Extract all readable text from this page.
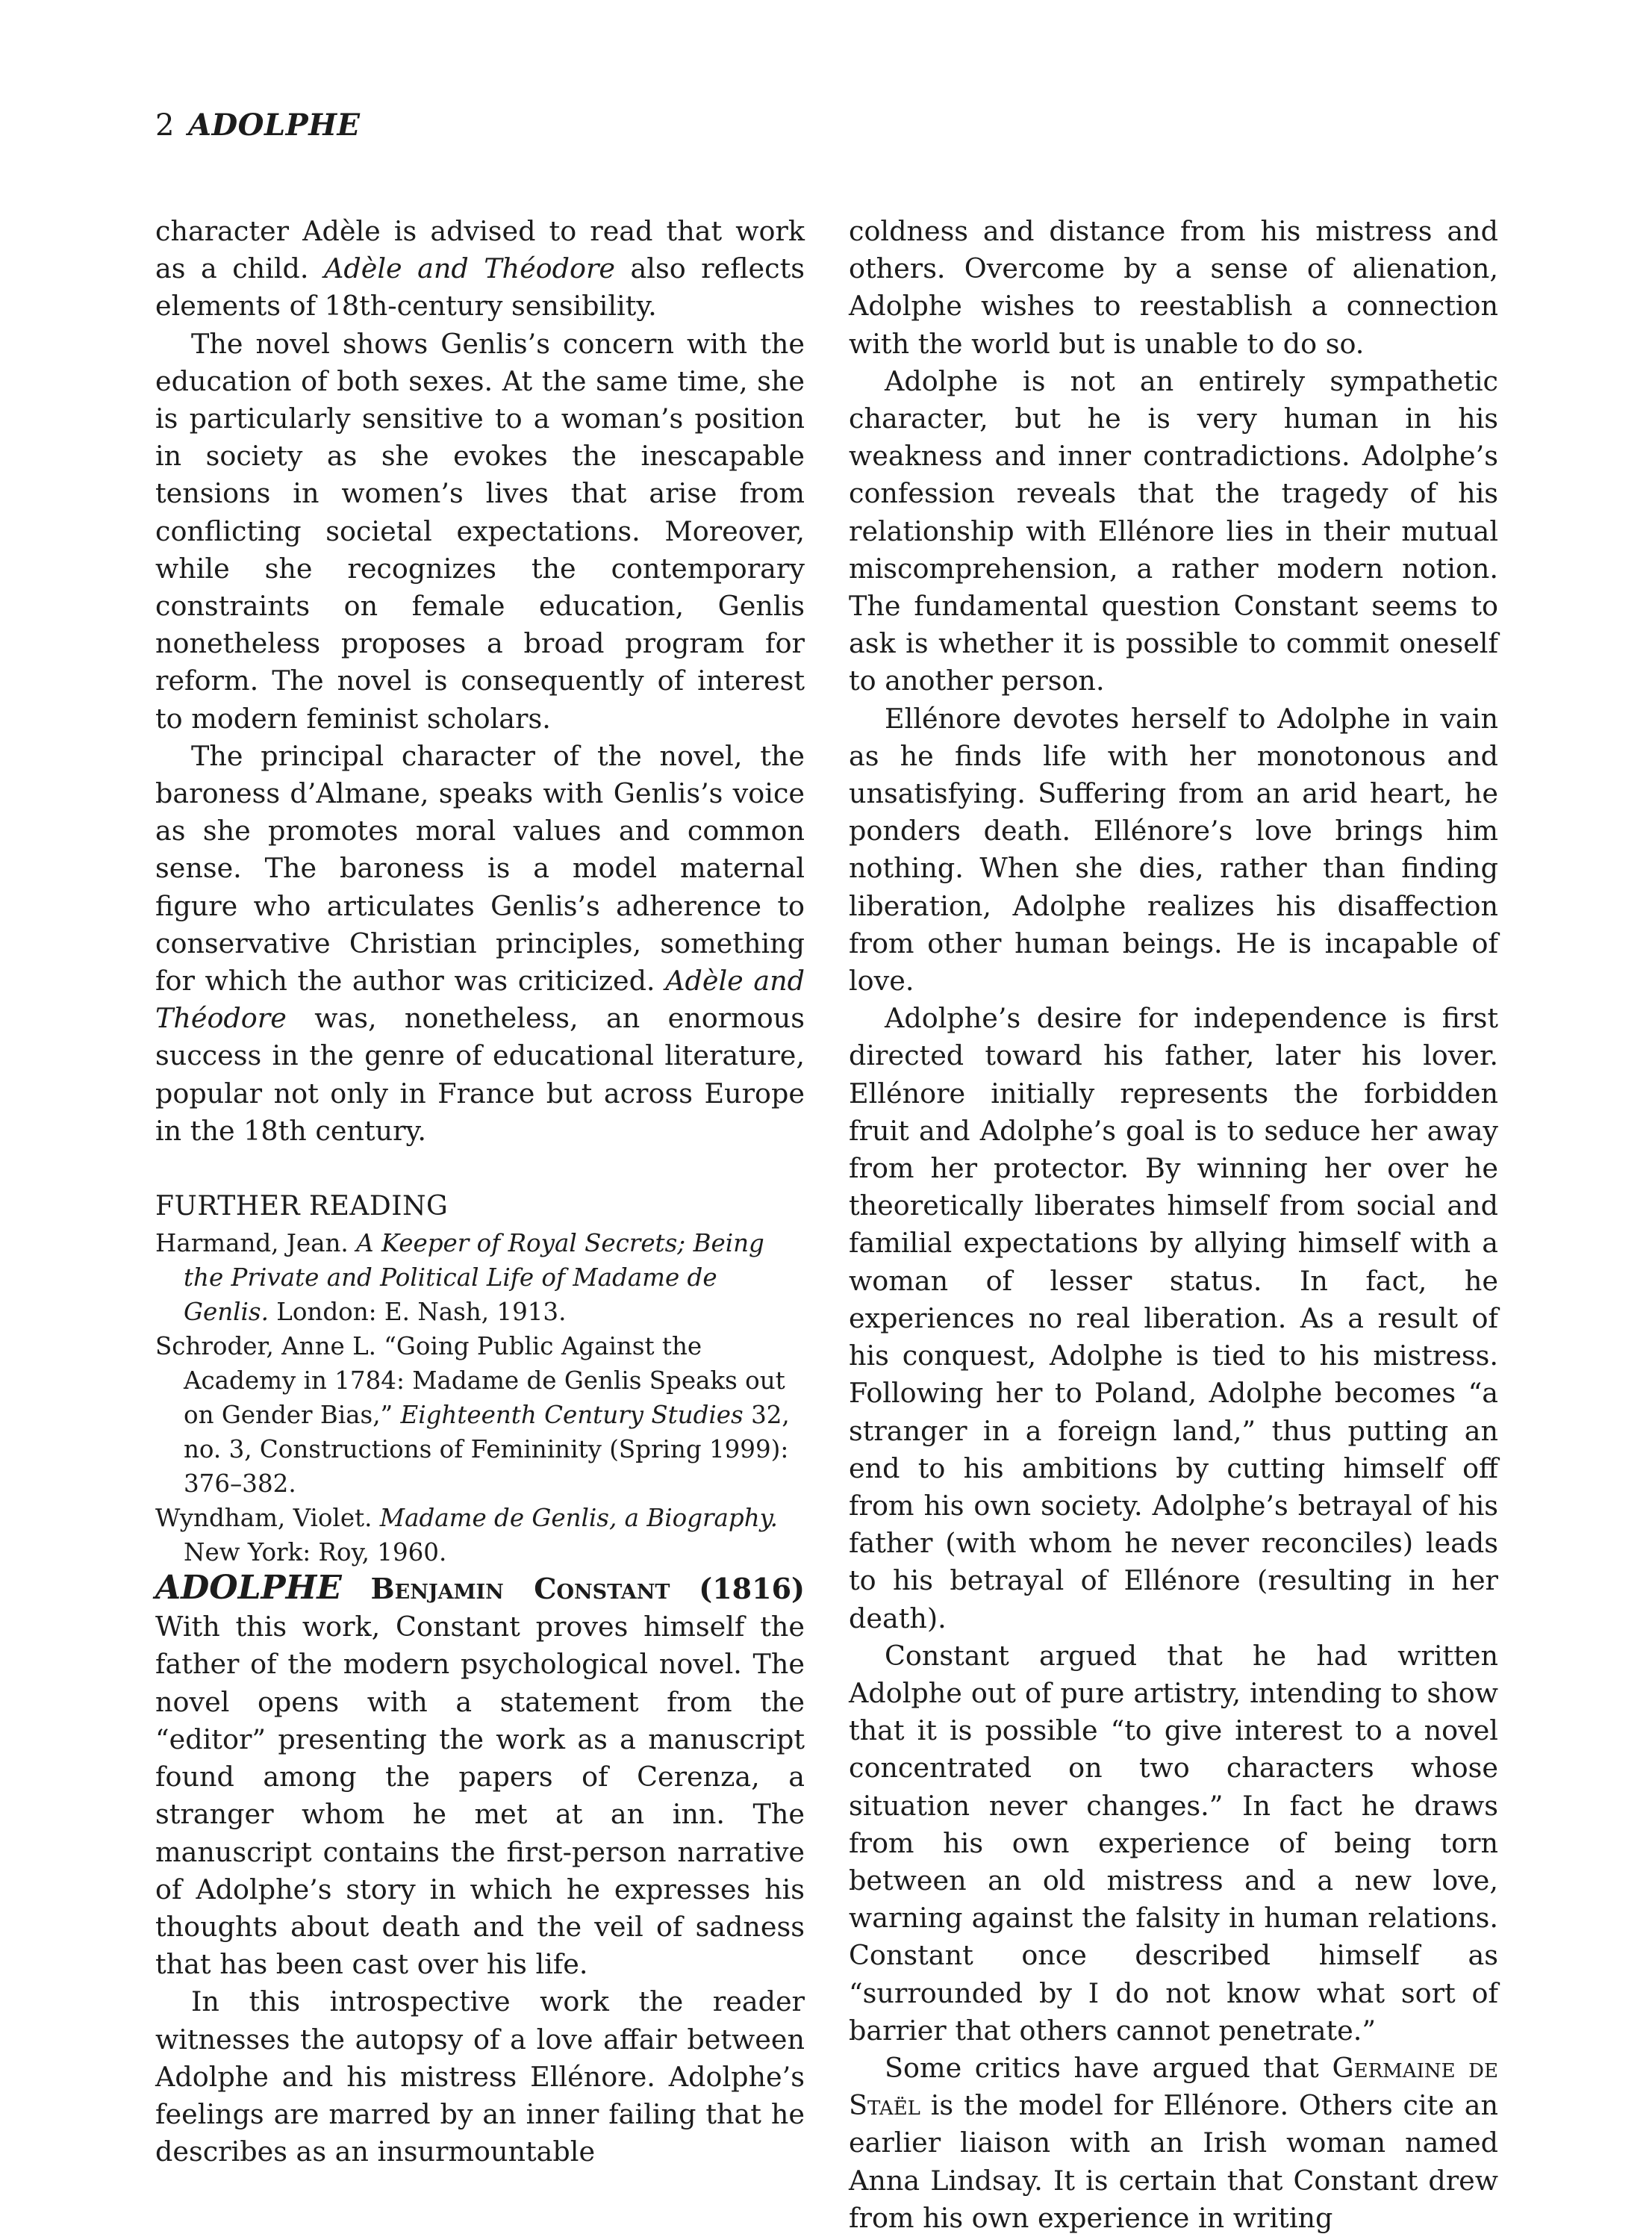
2 ADOLPHE

character Adèle is advised to read that work as a child. Adèle and Théodore also reflects elements of 18th-century sensibility.

The novel shows Genlis’s concern with the education of both sexes. At the same time, she is particularly sensitive to a woman’s position in society as she evokes the inescapable tensions in women’s lives that arise from conflicting societal expectations. Moreover, while she recognizes the contemporary constraints on female education, Genlis nonetheless proposes a broad program for reform. The novel is consequently of interest to modern feminist scholars.

The principal character of the novel, the baroness d’Almane, speaks with Genlis’s voice as she promotes moral values and common sense. The baroness is a model maternal figure who articulates Genlis’s adherence to conservative Christian principles, something for which the author was criticized. Adèle and Théodore was, nonetheless, an enormous success in the genre of educational literature, popular not only in France but across Europe in the 18th century.

FURTHER READING
Harmand, Jean. A Keeper of Royal Secrets; Being the Private and Political Life of Madame de Genlis. London: E. Nash, 1913.
Schroder, Anne L. “Going Public Against the Academy in 1784: Madame de Genlis Speaks out on Gender Bias,” Eighteenth Century Studies 32, no. 3, Constructions of Femininity (Spring 1999): 376–382.
Wyndham, Violet. Madame de Genlis, a Biography. New York: Roy, 1960.

ADOLPHE Benjamin Constant (1816) With this work, Constant proves himself the father of the modern psychological novel. The novel opens with a statement from the “editor” presenting the work as a manuscript found among the papers of Cerenza, a stranger whom he met at an inn. The manuscript contains the first-person narrative of Adolphe’s story in which he expresses his thoughts about death and the veil of sadness that has been cast over his life.

In this introspective work the reader witnesses the autopsy of a love affair between Adolphe and his mistress Ellénore. Adolphe’s feelings are marred by an inner failing that he describes as an insurmountable

coldness and distance from his mistress and others. Overcome by a sense of alienation, Adolphe wishes to reestablish a connection with the world but is unable to do so.

Adolphe is not an entirely sympathetic character, but he is very human in his weakness and inner contradictions. Adolphe’s confession reveals that the tragedy of his relationship with Ellénore lies in their mutual miscomprehension, a rather modern notion. The fundamental question Constant seems to ask is whether it is possible to commit oneself to another person.

Ellénore devotes herself to Adolphe in vain as he finds life with her monotonous and unsatisfying. Suffering from an arid heart, he ponders death. Ellénore’s love brings him nothing. When she dies, rather than finding liberation, Adolphe realizes his disaffection from other human beings. He is incapable of love.

Adolphe’s desire for independence is first directed toward his father, later his lover. Ellénore initially represents the forbidden fruit and Adolphe’s goal is to seduce her away from her protector. By winning her over he theoretically liberates himself from social and familial expectations by allying himself with a woman of lesser status. In fact, he experiences no real liberation. As a result of his conquest, Adolphe is tied to his mistress. Following her to Poland, Adolphe becomes “a stranger in a foreign land,” thus putting an end to his ambitions by cutting himself off from his own society. Adolphe’s betrayal of his father (with whom he never reconciles) leads to his betrayal of Ellénore (resulting in her death).

Constant argued that he had written Adolphe out of pure artistry, intending to show that it is possible “to give interest to a novel concentrated on two characters whose situation never changes.” In fact he draws from his own experience of being torn between an old mistress and a new love, warning against the falsity in human relations. Constant once described himself as “surrounded by I do not know what sort of barrier that others cannot penetrate.”

Some critics have argued that Germaine de Staël is the model for Ellénore. Others cite an earlier liaison with an Irish woman named Anna Lindsay. It is certain that Constant drew from his own experience in writing
